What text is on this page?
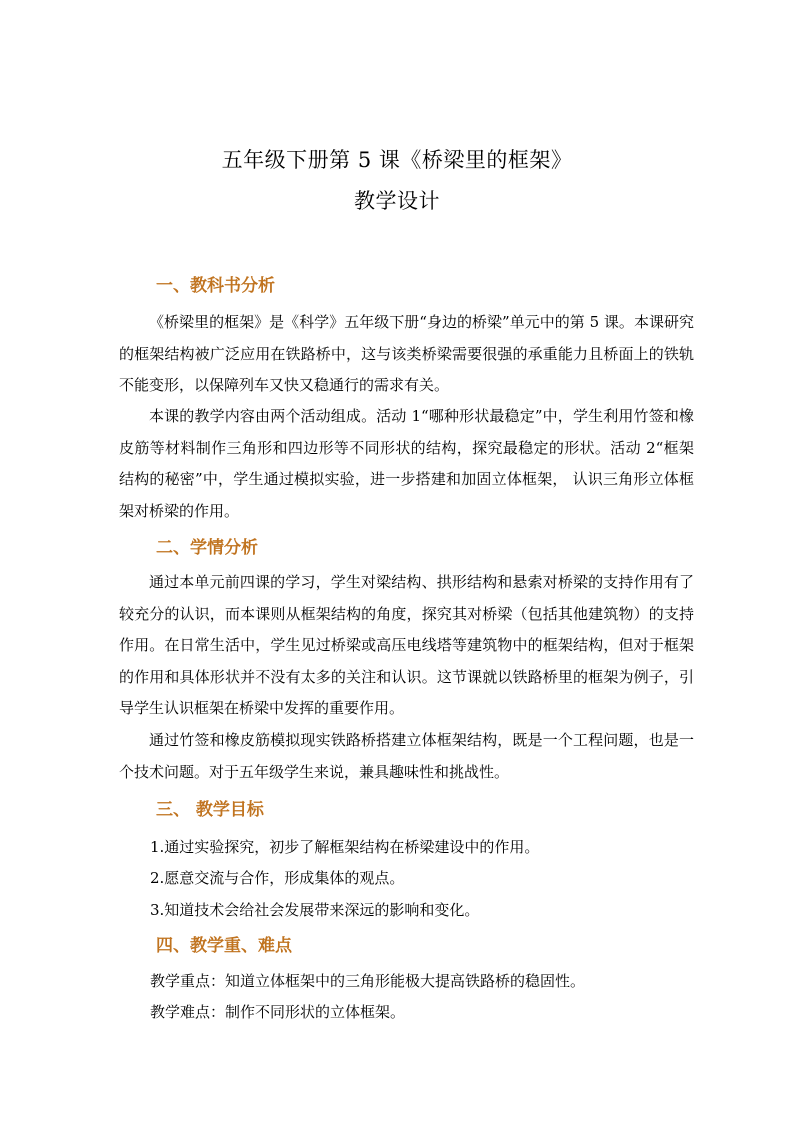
五年级下册第 5 课《桥梁里的框架》
教学设计
一、教科书分析
《桥梁里的框架》是《科学》五年级下册“身边的桥梁”单元中的第 5 课。本课研究的框架结构被广泛应用在铁路桥中，这与该类桥梁需要很强的承重能力且桥面上的铁轨不能变形，以保障列车又快又稳通行的需求有关。
本课的教学内容由两个活动组成。活动 1“哪种形状最稳定”中，学生利用竹签和橡皮筋等材料制作三角形和四边形等不同形状的结构，探究最稳定的形状。活动 2“框架结构的秘密”中，学生通过模拟实验，进一步搭建和加固立体框架， 认识三角形立体框架对桥梁的作用。
二、学情分析
通过本单元前四课的学习，学生对梁结构、拱形结构和悬索对桥梁的支持作用有了较充分的认识，而本课则从框架结构的角度，探究其对桥梁（包括其他建筑物）的支持作用。在日常生活中，学生见过桥梁或高压电线塔等建筑物中的框架结构，但对于框架的作用和具体形状并不没有太多的关注和认识。这节课就以铁路桥里的框架为例子，引导学生认识框架在桥梁中发挥的重要作用。
通过竹签和橡皮筋模拟现实铁路桥搭建立体框架结构，既是一个工程问题，也是一个技术问题。对于五年级学生来说，兼具趣味性和挑战性。
三、 教学目标
1.通过实验探究，初步了解框架结构在桥梁建设中的作用。
2.愿意交流与合作，形成集体的观点。
3.知道技术会给社会发展带来深远的影响和变化。
四、教学重、难点
教学重点：知道立体框架中的三角形能极大提高铁路桥的稳固性。
教学难点：制作不同形状的立体框架。
